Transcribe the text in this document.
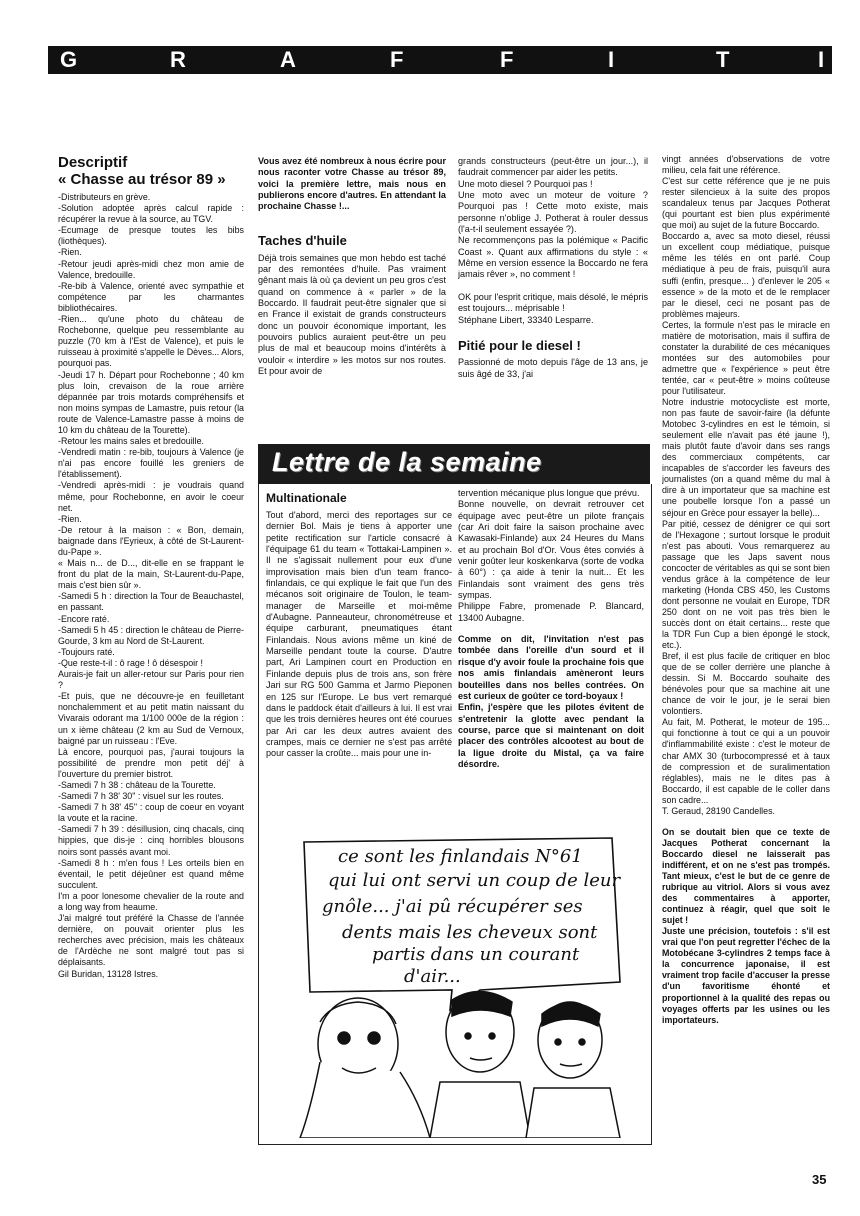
G	R	A	F	F	I	T	I
Descriptif
« Chasse au trésor 89 »

-Distributeurs en grève.
-Solution adoptée après calcul rapide : récupérer la revue à la source, au TGV.
-Ecumage de presque toutes les bibs (liothèques).
-Rien.
-Retour jeudi après-midi chez mon amie de Valence, bredouille.
-Re-bib à Valence, orienté avec sympathie et compétence par les charmantes bibliothécaires.
-Rien... qu'une photo du château de Rochebonne, quelque peu ressemblante au puzzle (70 km à l'Est de Valence), et puis le ruisseau à proximité s'appelle le Dèves... Alors, pourquoi pas.
-Jeudi 17 h. Départ pour Rochebonne ; 40 km plus loin, crevaison de la roue arrière dépannée par trois motards compréhensifs et non moins sympas de Lamastre, puis retour (la route de Valence-Lamastre passe à moins de 10 km du château de la Tourette).
-Retour les mains sales et bredouille.
-Vendredi matin : re-bib, toujours à Valence (je n'ai pas encore fouillé les greniers de l'établissement).
-Vendredi après-midi : je voudrais quand même, pour Rochebonne, en avoir le coeur net.
-Rien.
-De retour à la maison : « Bon, demain, baignade dans l'Eyrieux, à côté de St-Laurent-du-Pape ».
« Mais n... de D..., dit-elle en se frappant le front du plat de la main, St-Laurent-du-Pape, mais c'est bien sûr ».
-Samedi 5 h : direction la Tour de Beauchastel, en passant.
-Encore raté.
-Samedi 5 h 45 : direction le château de Pierre-Gourde, 3 km au Nord de St-Laurent.
-Toujours raté.
-Que reste-t-il : ô rage ! ô désespoir !
Aurais-je fait un aller-retour sur Paris pour rien ?
-Et puis, que ne découvre-je en feuilletant nonchalemment et au petit matin naissant du Vivarais odorant ma 1/100 000e de la région : un x ième château (2 km au Sud de Vernoux, baigné par un ruisseau : l'Eve.
Là encore, pourquoi pas, j'aurai toujours la possibilité de prendre mon petit déj' à l'ouverture du premier bistrot.
-Samedi 7 h 38 : château de la Tourette.
-Samedi 7 h 38' 30" : visuel sur les routes.
-Samedi 7 h 38' 45" : coup de coeur en voyant la voute et la racine.
-Samedi 7 h 39 : désillusion, cinq chacals, cinq hippies, que dis-je : cinq horribles blousons noirs sont passés avant moi.
-Samedi 8 h : m'en fous ! Les orteils bien en éventail, le petit déjeûner est quand même succulent.
I'm a poor lonesome chevalier de la route and a long way from heaume.
J'ai malgré tout préféré la Chasse de l'année dernière, on pouvait orienter plus les recherches avec précision, mais les châteaux de l'Ardèche ne sont malgré tout pas si déplaisants.
Gil Buridan, 13128 Istres.

Vous avez été nombreux à nous écrire pour nous raconter votre Chasse au trésor 89, voici la première lettre, mais nous en publierons encore d'autres. En attendant la prochaine Chasse !...

Taches d'huile

Déjà trois semaines que mon hebdo est taché par des remontées d'huile. Pas vraiment gênant mais là où ça devient un peu gros c'est quand on commence à « parler » de la Boccardo. Il faudrait peut-être signaler que si en France il existait de grands constructeurs donc un pouvoir économique important, les pouvoirs publics auraient peut-être un peu plus de mal et beaucoup moins d'intérêts à vouloir « interdire » les motos sur nos routes. Et pour avoir de

grands constructeurs (peut-être un jour...), il faudrait commencer par aider les petits.
Une moto diesel ? Pourquoi pas !
Une moto avec un moteur de voiture ? Pourquoi pas ! Cette moto existe, mais personne n'oblige J. Potherat à rouler dessus (l'a-t-il seulement essayée ?).
Ne recommençons pas la polémique « Pacific Coast ». Quant aux affirmations du style : « Même en version essence la Boccardo ne fera jamais rêver », no comment !

OK pour l'esprit critique, mais désolé, le mépris est toujours... méprisable !
Stéphane Libert, 33340 Lesparre.

Pitié pour le diesel !

Passionné de moto depuis l'âge de 13 ans, je suis âgé de 33, j'ai

Lettre de la semaine
Multinationale

Tout d'abord, merci des reportages sur ce dernier Bol. Mais je tiens à apporter une petite rectification sur l'article consacré à l'équipage 61 du team « Tottakai-Lampinen ». Il ne s'agissait nullement pour eux d'une improvisation mais bien d'un team franco-finlandais, ce qui explique le fait que l'un des mécanos soit originaire de Toulon, le team-manager de Marseille et moi-même d'Aubagne. Panneauteur, chronométreuse et équipe carburant, pneumatiques étant Finlandais. Nous avions même un kiné de Marseille pendant toute la course. D'autre part, Ari Lampinen court en Production en Finlande depuis plus de trois ans, son frère Jari sur RG 500 Gamma et Jarmo Pieponen en 125 sur l'Europe. Le bus vert remarqué dans le paddock était d'ailleurs à lui. Il est vrai que les trois dernières heures ont été courues par Ari car les deux autres avaient des crampes, mais ce dernier ne s'est pas arrêté pour casser la croûte... mais pour une in-

tervention mécanique plus longue que prévu.
Bonne nouvelle, on devrait retrouver cet équipage avec peut-être un pilote français (car Ari doit faire la saison prochaine avec Kawasaki-Finlande) aux 24 Heures du Mans et au prochain Bol d'Or. Vous êtes conviés à venir goûter leur koskenkarva (sorte de vodka à 60°) : ça aide à tenir la nuit... Et les Finlandais sont vraiment des gens très sympas.
Philippe Fabre, promenade P. Blancard, 13400 Aubagne.

Comme on dit, l'invitation n'est pas tombée dans l'oreille d'un sourd et il risque d'y avoir foule la prochaine fois que nos amis finlandais amèneront leurs bouteilles dans nos belles contrées. On est curieux de goûter ce tord-boyaux !
Enfin, j'espère que les pilotes évitent de s'entretenir la glotte avec pendant la course, parce que si maintenant on doit placer des contrôles alcootest au bout de la ligue droite du Mistal, ça va faire désordre.

ce sont les finlandais N°61
qui lui ont servi un coup de leur
gnôle... j'ai pû récupérer ses
dents mais les cheveux sont
partis dans un courant
d'air...

vingt années d'observations de votre milieu, cela fait une référence.
C'est sur cette référence que je ne puis rester silencieux à la suite des propos scandaleux tenus par Jacques Potherat (qui pourtant est bien plus expérimenté que moi) au sujet de la future Boccardo.
Boccardo a, avec sa moto diesel, réussi un excellent coup médiatique, puisque même les télés en ont parlé. Coup médiatique à peu de frais, puisqu'il aura suffi (enfin, presque... ) d'enlever le 205 « essence » de la moto et de le remplacer par le diesel, ceci ne posant pas de problèmes majeurs.
Certes, la formule n'est pas le miracle en matière de motorisation, mais il suffira de constater la durabilité de ces mécaniques montées sur des automobiles pour admettre que « l'expérience » peut être tentée, car « peut-être » moins coûteuse pour l'utilisateur.
Notre industrie motocycliste est morte, non pas faute de savoir-faire (la défunte Motobec 3-cylindres en est le témoin, si seulement elle n'avait pas été jaune !), mais plutôt faute d'avoir dans ses rangs des commerciaux compétents, car incapables de s'accorder les faveurs des journalistes (on a quand même du mal à dire à un importateur que sa machine est une poubelle lorsque l'on a passé un séjour en Grèce pour essayer la belle)...
Par pitié, cessez de dénigrer ce qui sort de l'Hexagone ; surtout lorsque le produit n'est pas abouti. Vous remarquerez au passage que les Japs savent nous concocter de véritables as qui se sont bien vendus grâce à la compétence de leur marketing (Honda CBS 450, les Customs dont personne ne voulait en Europe, TDR 250 dont on ne voit pas très bien le succès dont on était certains... reste que la TDR Fun Cup a bien épongé le stock, etc.).
Bref, il est plus facile de critiquer en bloc que de se coller derrière une planche à dessin. Si M. Boccardo souhaite des bénévoles pour que sa machine ait une chance de voir le jour, je le serai bien volontiers.
Au fait, M. Potherat, le moteur de 195... qui fonctionne à tout ce qui a un pouvoir d'inflammabilité existe : c'est le moteur de char AMX 30 (turbocompressé et à taux de compression et de suralimentation réglables), mais ne le dites pas à Boccardo, il est capable de le coller dans son cadre...
T. Geraud, 28190 Candelles.

On se doutait bien que ce texte de Jacques Potherat concernant la Boccardo diesel ne laisserait pas indifférent, et on ne s'est pas trompés. Tant mieux, c'est le but de ce genre de rubrique au vitriol. Alors si vous avez des commentaires à apporter, continuez à réagir, quel que soit le sujet !
Juste une précision, toutefois : s'il est vrai que l'on peut regretter l'échec de la Motobécane 3-cylindres 2 temps face à la concurrence japonaise, il est vraiment trop facile d'accuser la presse d'un favoritisme éhonté et proportionnel à la qualité des repas ou voyages offerts par les usines ou les importateurs.

35
